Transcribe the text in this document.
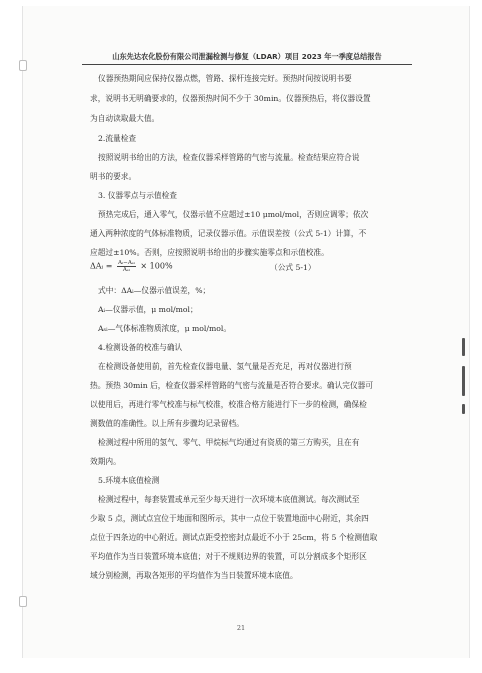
山东先达农化股份有限公司泄漏检测与修复（LDAR）项目 2023 年一季度总结报告
仪器预热期间应保持仪器点燃，管路、探杆连接完好。预热时间按说明书要
求，说明书无明确要求的，仪器预热时间不少于 30min。仪器预热后，将仪器设置
为自动读取最大值。
2.流量检查
按照说明书给出的方法，检查仪器采样管路的气密与流量。检查结果应符合说
明书的要求。
3. 仪器零点与示值检查
预热完成后，通入零气，仪器示值不应超过±10 μmol/mol，否则应调零；依次
通入两种浓度的气体标准物质，记录仪器示值。示值误差按（公式 5-1）计算，不
应超过±10%。否则，应按照说明书给出的步骤实施零点和示值校准。
ΔAᵢ = $\frac{\text{Aᵢ−Aₛᵢ}}{\text{Aₛᵢ}} \times 100\%$	（公式 5-1）
式中：ΔAᵢ—仪器示值误差，%；
Aᵢ—仪器示值，μ mol/mol；
Aₛᵢ—气体标准物质浓度，μ mol/mol。
4.检测设备的校准与确认
在检测设备使用前，首先检查仪器电量、氢气量是否充足，再对仪器进行预
热。预热 30min 后，检查仪器采样管路的气密与流量是否符合要求。确认完仪器可
以使用后，再进行零气校准与标气校准，校准合格方能进行下一步的检测，确保检
测数值的准确性。以上所有步骤均记录留档。
检测过程中所用的氢气、零气、甲烷标气均通过有资质的第三方购买，且在有
效期内。
5.环境本底值检测
检测过程中，每套装置或单元至少每天进行一次环境本底值测试。每次测试至
少取 5 点，测试点宜位于地面和图所示，其中一点位于装置地面中心附近，其余四
点位于四条边的中心附近。测试点距受控密封点最近不小于 25cm，将 5 个检测值取
平均值作为当日装置环境本底值；对于不规则边界的装置，可以分割成多个矩形区
域分别检测，再取各矩形的平均值作为当日装置环境本底值。
21
